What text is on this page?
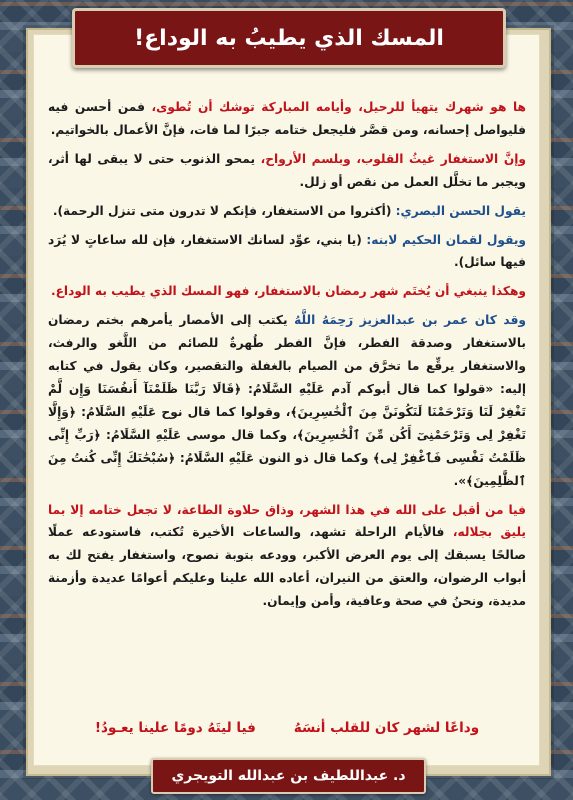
المسك الذي يطيبُ به الوداع!

ها هو شهرك يتهيأ للرحيل، وأيامه المباركة توشك أن تُطوى، فمن أحسن فيه فليواصل إحسانه، ومن قصَّر فليجعل ختامه جبرًا لما فات، فإنَّ الأعمال بالخواتيم.

وإنَّ الاستغفار غيثُ القلوب، وبلسم الأرواح، يمحو الذنوب حتى لا يبقى لها أثر، ويجبر ما تخلَّل العمل من نقص أو زلل.

يقول الحسن البصري: (أكثروا من الاستغفار، فإنكم لا تدرون متى تنزل الرحمة).

ويقول لقمان الحكيم لابنه: (يا بني، عوِّد لسانك الاستغفار، فإن لله ساعاتٍ لا يُرَد فيها سائل).

وهكذا ينبغي أن يُختَم شهر رمضان بالاستغفار، فهو المسك الذي يطيب به الوداع.

وقد كان عمر بن عبدالعزيز رَحِمَهُ اللَّهُ يكتب إلى الأمصار يأمرهم بختم رمضان بالاستغفار وصدقة الفطر، فإنَّ الفطر طُهرةٌ للصائم من اللَّغو والرفث، والاستغفار يرقِّع ما تخرَّق من الصيام بالغفلة والتقصير، وكان يقول في كتابه إليه: «قولوا كما قال أبوكم آدم عَلَيْهِ السَّلَامُ: ﴿قَالَا رَبَّنَا ظَلَمْنَآ أَنفُسَنَا وَإِن لَّمْ تَغْفِرْ لَنَا وَتَرْحَمْنَا لَنَكُونَنَّ مِنَ ٱلْخَٰسِرِينَ﴾، وقولوا كما قال نوح عَلَيْهِ السَّلَامُ: ﴿وَإِلَّا تَغْفِرْ لِى وَتَرْحَمْنِىٓ أَكُن مِّنَ ٱلْخَٰسِرِينَ﴾، وكما قال موسى عَلَيْهِ السَّلَامُ: ﴿رَبِّ إِنِّى ظَلَمْتُ نَفْسِى فَٱغْفِرْ لِى﴾ وكما قال ذو النون عَلَيْهِ السَّلَامُ: ﴿سُبْحَٰنَكَ إِنِّى كُنتُ مِنَ ٱلظَّٰلِمِينَ﴾».

فيا من أقبل على الله في هذا الشهر، وذاق حلاوة الطاعة، لا تجعل ختامه إلا بما يليق بجلاله، فالأيام الراحلة تشهد، والساعات الأخيرة تُكتب، فاستودعه عملًا صالحًا يسبقك إلى يوم العرض الأكبر، وودعه بتوبة نصوح، واستغفار يفتح لك به أبواب الرضوان، والعتق من النيران، أعاده الله علينا وعليكم أعوامًا عديدة وأزمنة مديدة، ونحنُ في صحة وعافية، وأمن وإيمان.

وداعًا لشهر كان للقلب أنسَهُ
فيا ليتَهُ دومًا علينا يعـودُ!
د. عبداللطيف بن عبدالله التويجري
